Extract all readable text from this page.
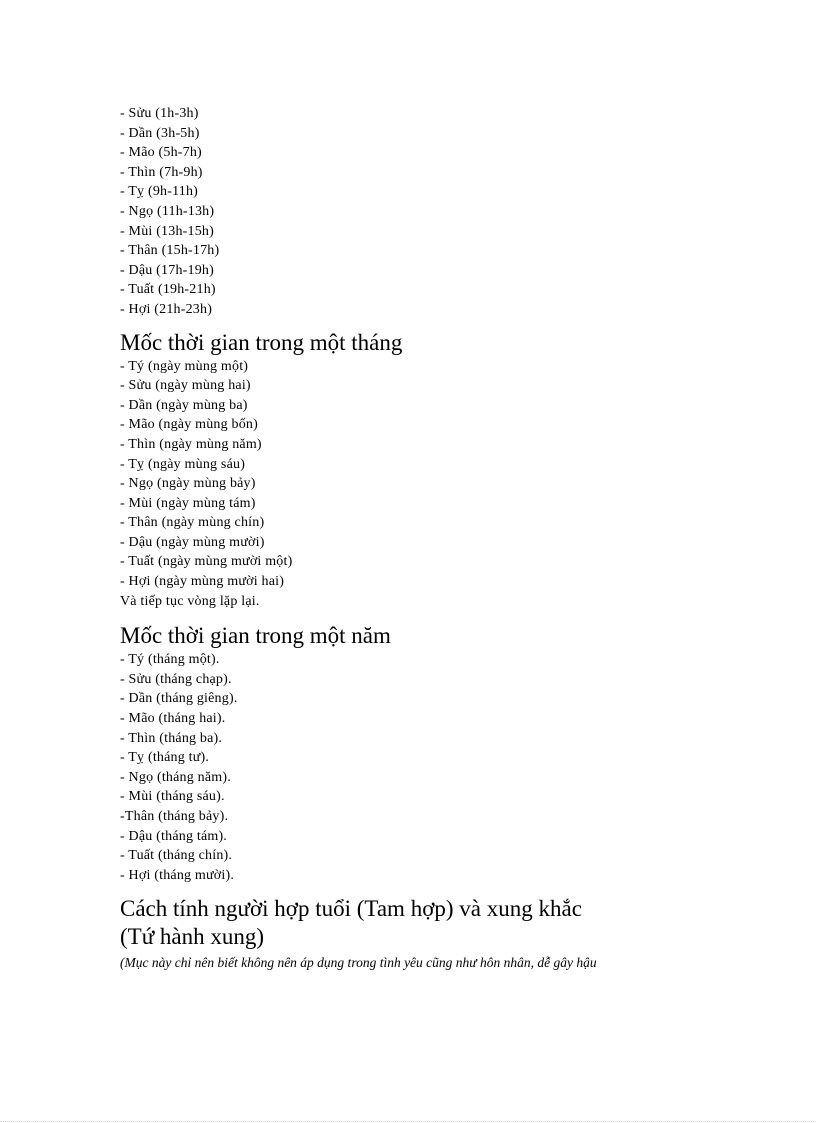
- Sửu (1h-3h)
- Dần (3h-5h)
- Mão (5h-7h)
- Thìn (7h-9h)
- Tỵ (9h-11h)
- Ngọ (11h-13h)
- Mùi (13h-15h)
- Thân (15h-17h)
- Dậu (17h-19h)
- Tuất (19h-21h)
- Hợi (21h-23h)
Mốc thời gian trong một tháng
- Tý (ngày mùng một)
- Sửu (ngày mùng hai)
- Dần (ngày mùng ba)
- Mão (ngày mùng bốn)
- Thìn (ngày mùng năm)
- Tỵ (ngày mùng sáu)
- Ngọ (ngày mùng bảy)
- Mùi (ngày mùng tám)
- Thân (ngày mùng chín)
- Dậu (ngày mùng mười)
- Tuất (ngày mùng mười một)
- Hợi (ngày mùng mười hai)
Và tiếp tục vòng lặp lại.
Mốc thời gian trong một năm
- Tý (tháng một).
- Sửu (tháng chạp).
- Dần (tháng giêng).
- Mão (tháng hai).
- Thìn (tháng ba).
- Tỵ (tháng tư).
- Ngọ (tháng năm).
- Mùi (tháng sáu).
-Thân (tháng bảy).
- Dậu (tháng tám).
- Tuất (tháng chín).
- Hợi (tháng mười).
Cách tính người hợp tuổi (Tam hợp) và xung khắc
(Tứ hành xung)
(Mục này chỉ nên biết không nên áp dụng trong tình yêu cũng như hôn nhân, dễ gây hậu
